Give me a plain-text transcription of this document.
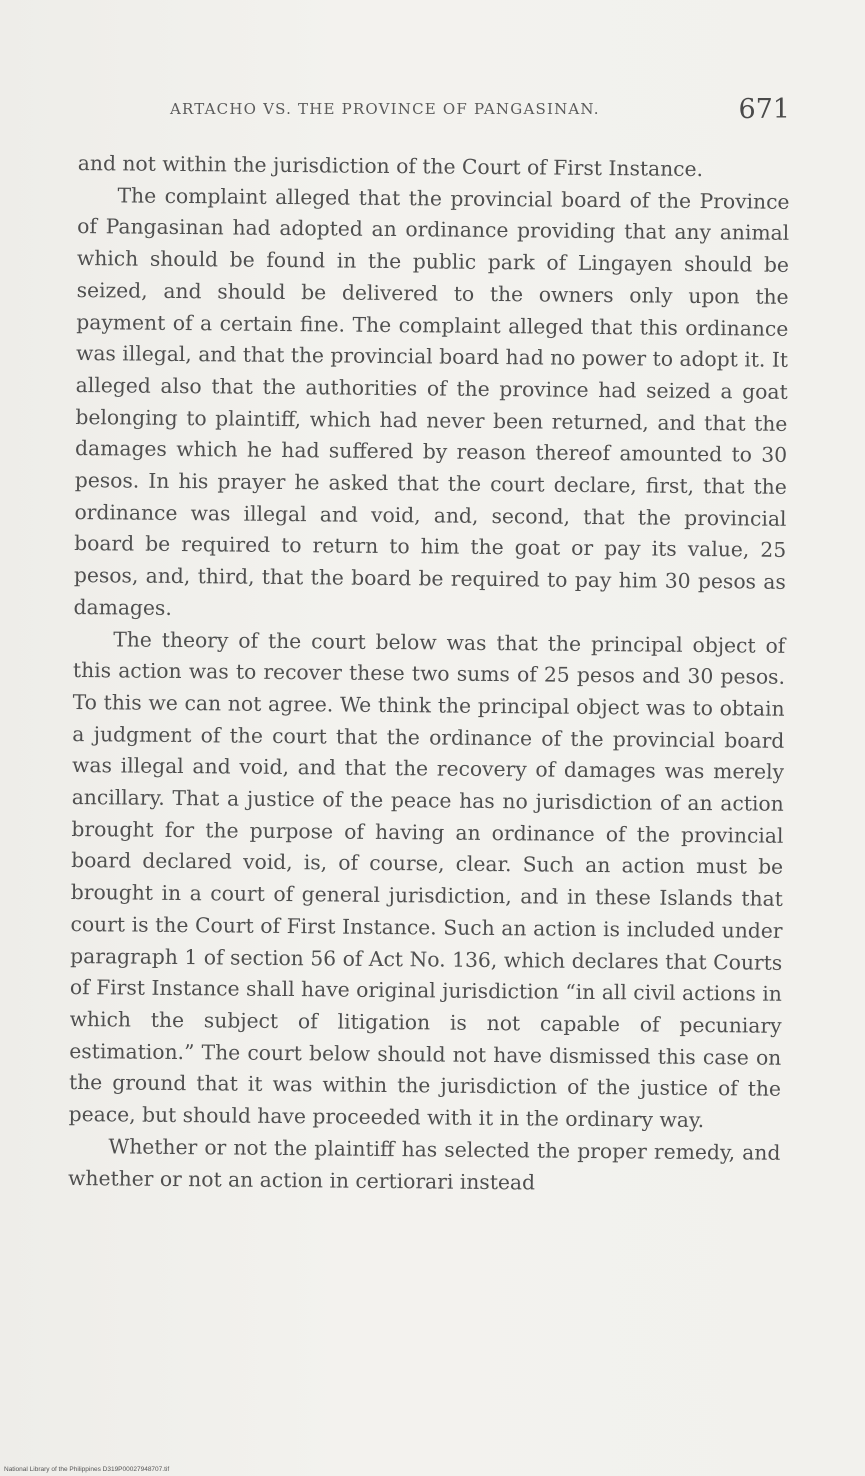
ARTACHO VS. THE PROVINCE OF PANGASINAN.	671

and not within the jurisdiction of the Court of First Instance.

The complaint alleged that the provincial board of the Province of Pangasinan had adopted an ordinance providing that any animal which should be found in the public park of Lingayen should be seized, and should be delivered to the owners only upon the payment of a certain fine. The complaint alleged that this ordinance was illegal, and that the provincial board had no power to adopt it. It alleged also that the authorities of the province had seized a goat belonging to plaintiff, which had never been returned, and that the damages which he had suffered by reason thereof amounted to 30 pesos. In his prayer he asked that the court declare, first, that the ordinance was illegal and void, and, second, that the provincial board be required to return to him the goat or pay its value, 25 pesos, and, third, that the board be required to pay him 30 pesos as damages.

The theory of the court below was that the principal object of this action was to recover these two sums of 25 pesos and 30 pesos. To this we can not agree. We think the principal object was to obtain a judgment of the court that the ordinance of the provincial board was illegal and void, and that the recovery of damages was merely ancillary. That a justice of the peace has no jurisdiction of an action brought for the purpose of having an ordinance of the provincial board declared void, is, of course, clear. Such an action must be brought in a court of general jurisdiction, and in these Islands that court is the Court of First Instance. Such an action is included under paragraph 1 of section 56 of Act No. 136, which declares that Courts of First Instance shall have original jurisdiction “in all civil actions in which the subject of litigation is not capable of pecuniary estimation.” The court below should not have dismissed this case on the ground that it was within the jurisdiction of the justice of the peace, but should have proceeded with it in the ordinary way.

Whether or not the plaintiff has selected the proper remedy, and whether or not an action in certiorari instead

National Library of the Philippines D319P00027948707.tif
